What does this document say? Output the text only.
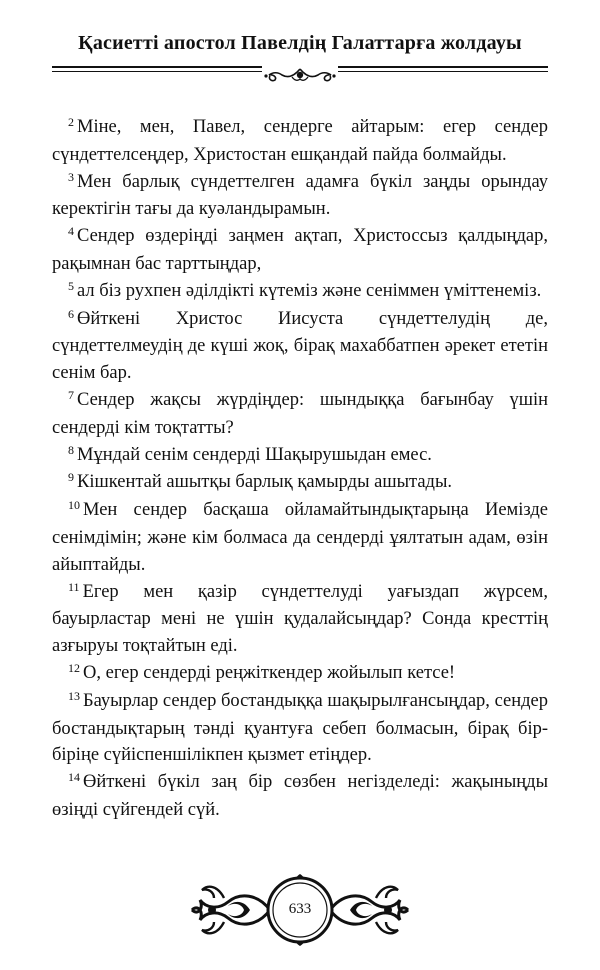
Қасиетті апостол Павелдің Галаттарға жолдауы

$^2$ Міне, мен, Павел, сендерге айтарым: егер сендер сүндеттелсеңдер, Христостан ешқандай пайда болмайды.

$^3$ Мен барлық сүндеттелген адамға бүкіл заңды орындау керектігін тағы да куәландырамын.

$^4$ Сендер өздеріңді заңмен ақтап, Христоссыз қалдыңдар, рақымнан бас тарттыңдар,

$^5$ ал біз рухпен әділдікті күтеміз және сеніммен үміттенеміз.

$^6$ Өйткені Христос Иисуста сүндеттелудің де, сүндеттелмеудің де күші жоқ, бірақ махаббатпен әрекет ететін сенім бар.

$^7$ Сендер жақсы жүрдіңдер: шындыққа бағынбау үшін сендерді кім тоқтатты?

$^8$ Мұндай сенім сендерді Шақырушыдан емес.

$^9$ Кішкентай ашытқы барлық қамырды ашытады.

$^{10}$ Мен сендер басқаша ойламайтындықтарыңа Иемізде сенімдімін; және кім болмаса да сендерді ұялтатын адам, өзін айыптайды.

$^{11}$ Егер мен қазір сүндеттелуді уағыздап жүрсем, бауырластар мені не үшін қудалайсыңдар? Сонда кресттің азғыруы тоқтайтын еді.

$^{12}$ О, егер сендерді реңжіткендер жойылып кетсе!

$^{13}$ Бауырлар сендер бостандыққа шақырылғансыңдар, сендер бостандықтарың тәнді қуантуға себеп болмасын, бірақ бір-біріңе сүйіспеншілікпен қызмет етіңдер.

$^{14}$ Өйткені бүкіл заң бір сөзбен негізделеді: жақыныңды өзіңді сүйгендей сүй.

633
